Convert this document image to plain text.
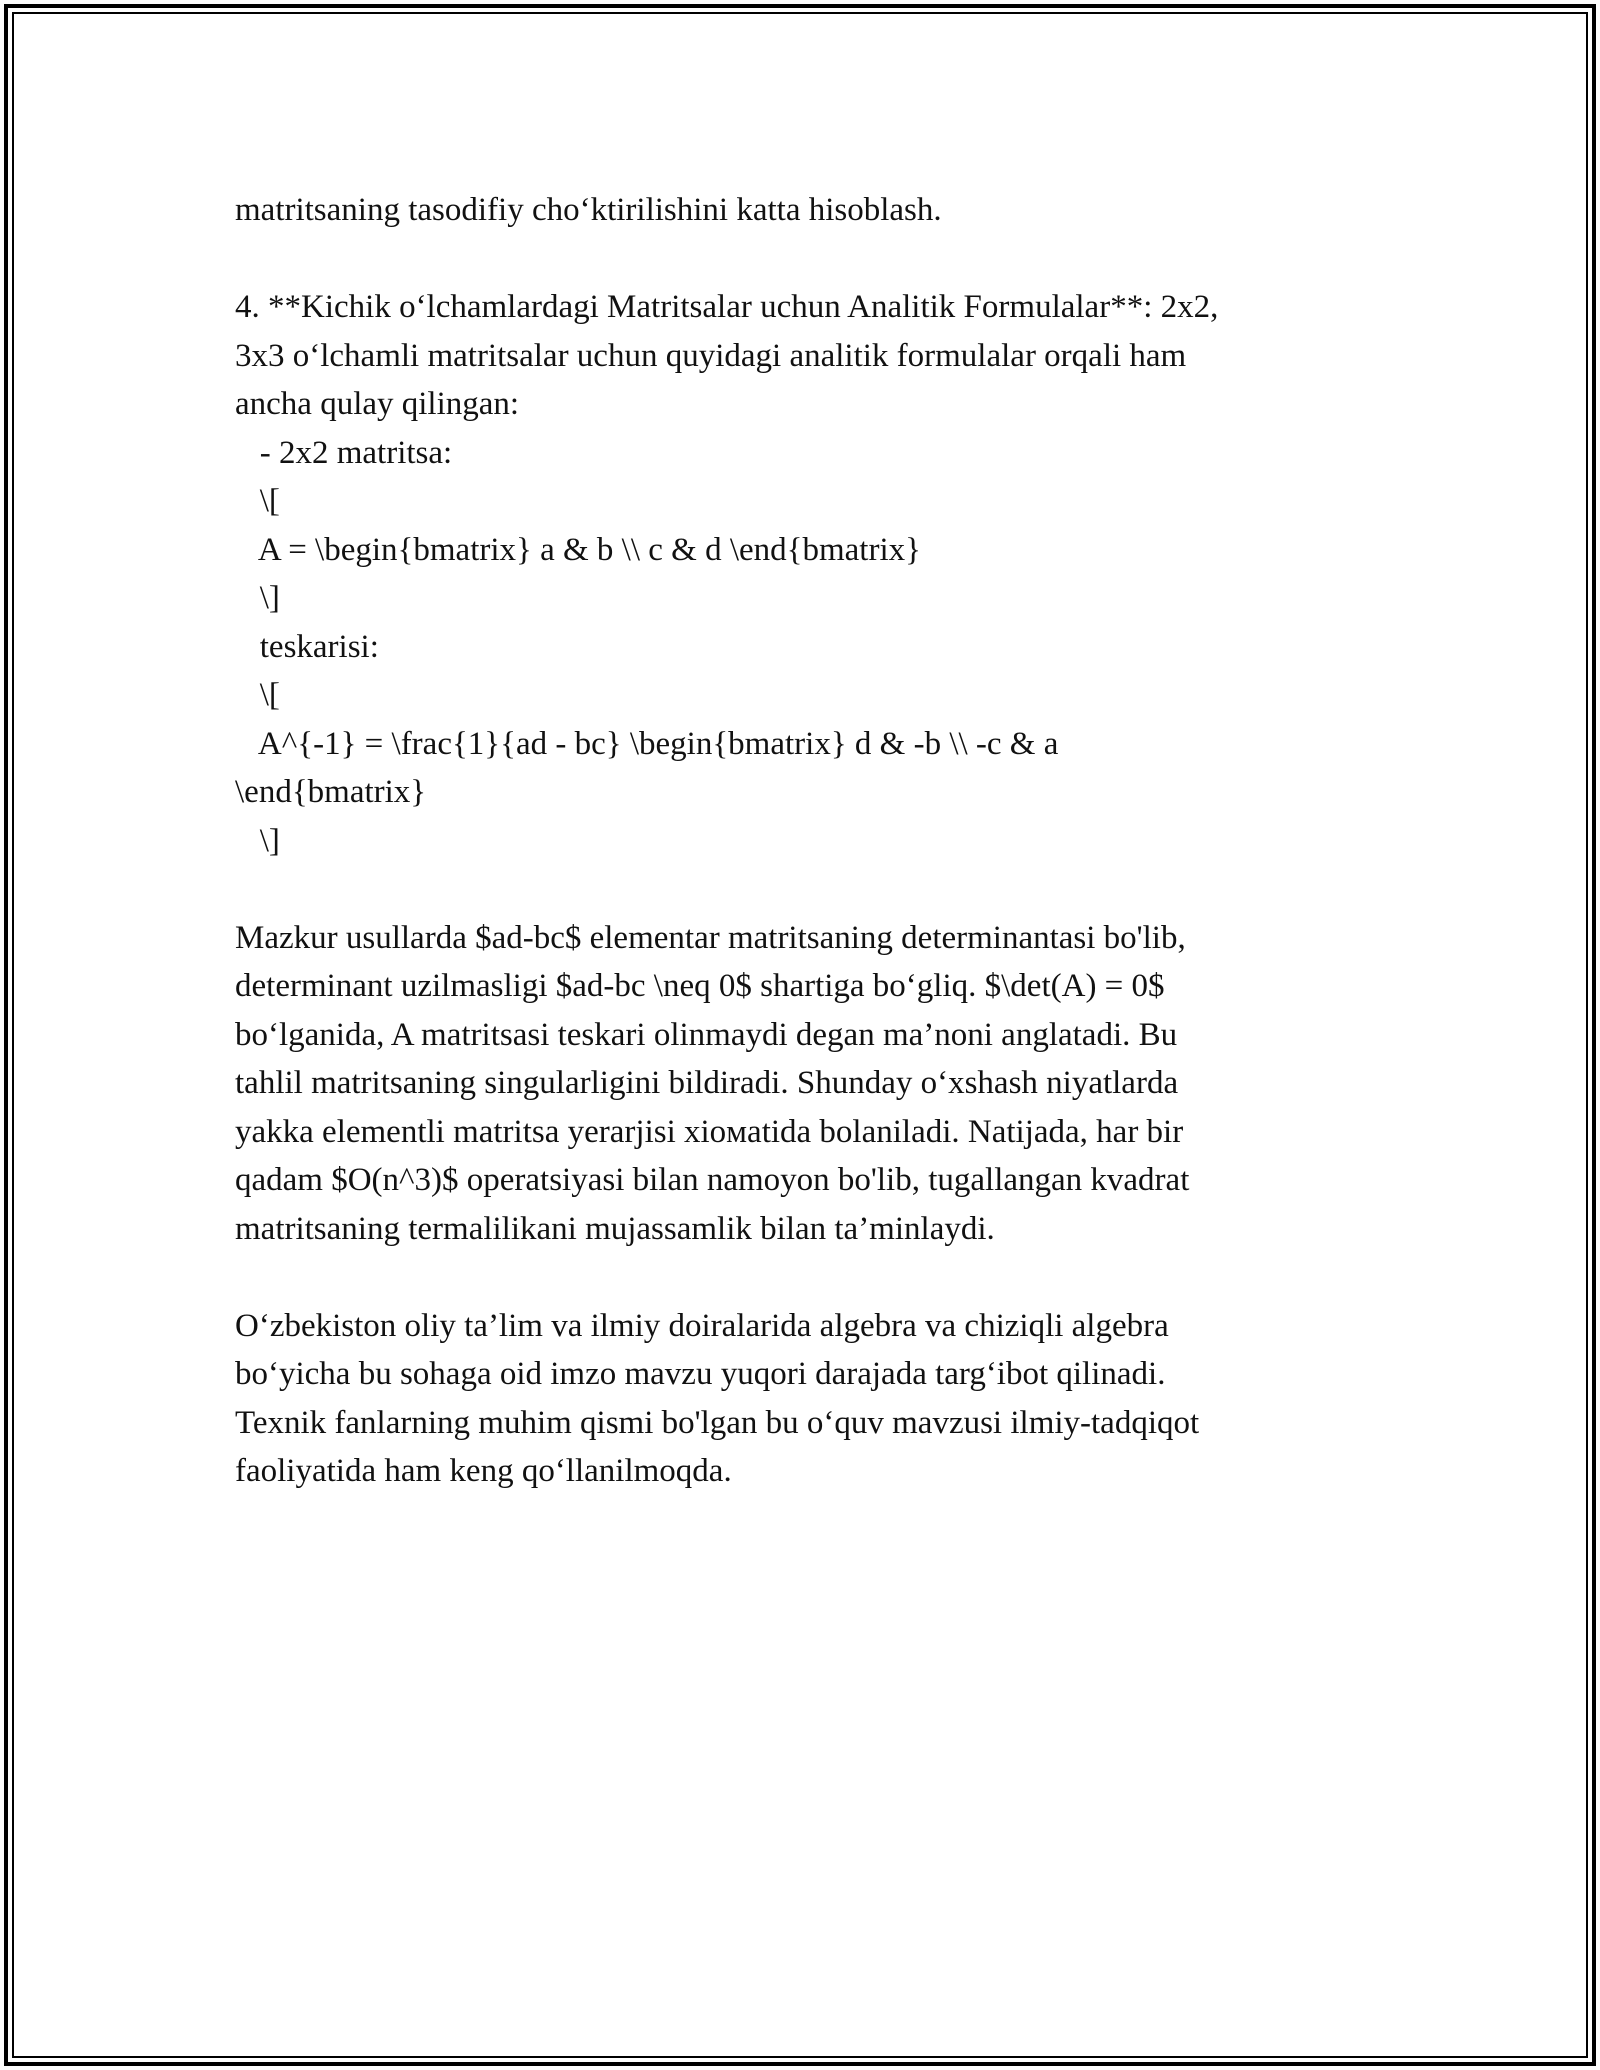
matritsaning tasodifiy cho‘ktirilishini katta hisoblash.
4. **Kichik o‘lchamlardagi Matritsalar uchun Analitik Formulalar**: 2x2,
3x3 o‘lchamli matritsalar uchun quyidagi analitik formulalar orqali ham
ancha qulay qilingan:
- 2x2 matritsa:
\[
A = \begin{bmatrix} a & b \\ c & d \end{bmatrix}
\]
teskarisi:
\[
A^{-1} = \frac{1}{ad - bc} \begin{bmatrix} d & -b \\ -c & a
\end{bmatrix}
\]
Mazkur usullarda $ad-bc$ elementar matritsaning determinantasi bo'lib,
determinant uzilmasligi $ad-bc \neq 0$ shartiga bo‘gliq. $\det(A) = 0$
bo‘lganida, A matritsasi teskari olinmaydi degan ma’noni anglatadi. Bu
tahlil matritsaning singularligini bildiradi. Shunday o‘xshash niyatlarda
yakka elementli matritsa yerarjisi xioмatida bolaniladi. Natijada, har bir
qadam $O(n^3)$ operatsiyasi bilan namoyon bo'lib, tugallangan kvadrat
matritsaning termalilikani mujassamlik bilan ta’minlaydi.
O‘zbekiston oliy ta’lim va ilmiy doiralarida algebra va chiziqli algebra
bo‘yicha bu sohaga oid imzo mavzu yuqori darajada targ‘ibot qilinadi.
Texnik fanlarning muhim qismi bo'lgan bu o‘quv mavzusi ilmiy-tadqiqot
faoliyatida ham keng qo‘llanilmoqda.
